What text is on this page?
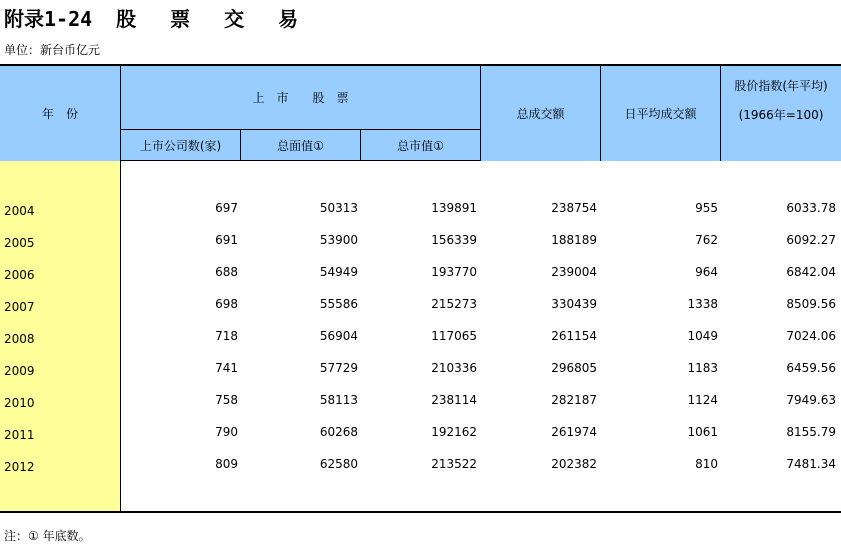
附录1-24 股	票	交	易
单位：新台币亿元
年　份
上　市　　股　票
上市公司数(家)	总面值①	总市值①
总成交额	日平均成交额
股价指数(年平均)
(1966年=100)
2004	697	50313	139891	238754	955	6033.78
2005	691	53900	156339	188189	762	6092.27
2006	688	54949	193770	239004	964	6842.04
2007	698	55586	215273	330439	1338	8509.56
2008	718	56904	117065	261154	1049	7024.06
2009	741	57729	210336	296805	1183	6459.56
2010	758	58113	238114	282187	1124	7949.63
2011	790	60268	192162	261974	1061	8155.79
2012	809	62580	213522	202382	810	7481.34
注：① 年底数。
